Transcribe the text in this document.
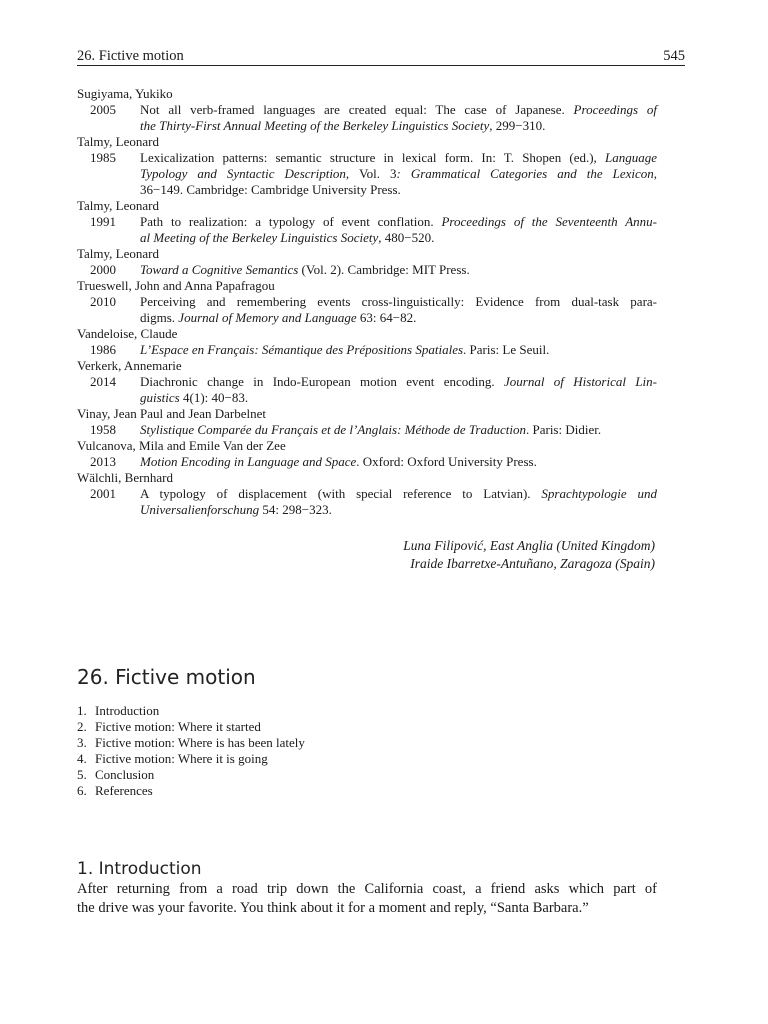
26. Fictive motion	545
Sugiyama, Yukiko
2005 Not all verb-framed languages are created equal: The case of Japanese. Proceedings of
the Thirty-First Annual Meeting of the Berkeley Linguistics Society, 299−310.
Talmy, Leonard
1985 Lexicalization patterns: semantic structure in lexical form. In: T. Shopen (ed.), Language
Typology and Syntactic Description, Vol. 3: Grammatical Categories and the Lexicon,
36−149. Cambridge: Cambridge University Press.
Talmy, Leonard
1991 Path to realization: a typology of event conflation. Proceedings of the Seventeenth Annu-
al Meeting of the Berkeley Linguistics Society, 480−520.
Talmy, Leonard
2000 Toward a Cognitive Semantics (Vol. 2). Cambridge: MIT Press.
Trueswell, John and Anna Papafragou
2010 Perceiving and remembering events cross-linguistically: Evidence from dual-task para-
digms. Journal of Memory and Language 63: 64−82.
Vandeloise, Claude
1986 L’Espace en Français: Sémantique des Prépositions Spatiales. Paris: Le Seuil.
Verkerk, Annemarie
2014 Diachronic change in Indo-European motion event encoding. Journal of Historical Lin-
guistics 4(1): 40−83.
Vinay, Jean Paul and Jean Darbelnet
1958 Stylistique Comparée du Français et de l’Anglais: Méthode de Traduction. Paris: Didier.
Vulcanova, Mila and Emile Van der Zee
2013 Motion Encoding in Language and Space. Oxford: Oxford University Press.
Wälchli, Bernhard
2001 A typology of displacement (with special reference to Latvian). Sprachtypologie und
Universalienforschung 54: 298−323.
Luna Filipović, East Anglia (United Kingdom)
Iraide Ibarretxe-Antuñano, Zaragoza (Spain)
26. Fictive motion
1. Introduction
2. Fictive motion: Where it started
3. Fictive motion: Where is has been lately
4. Fictive motion: Where it is going
5. Conclusion
6. References
1. Introduction
After returning from a road trip down the California coast, a friend asks which part of
the drive was your favorite. You think about it for a moment and reply, “Santa Barbara.”
